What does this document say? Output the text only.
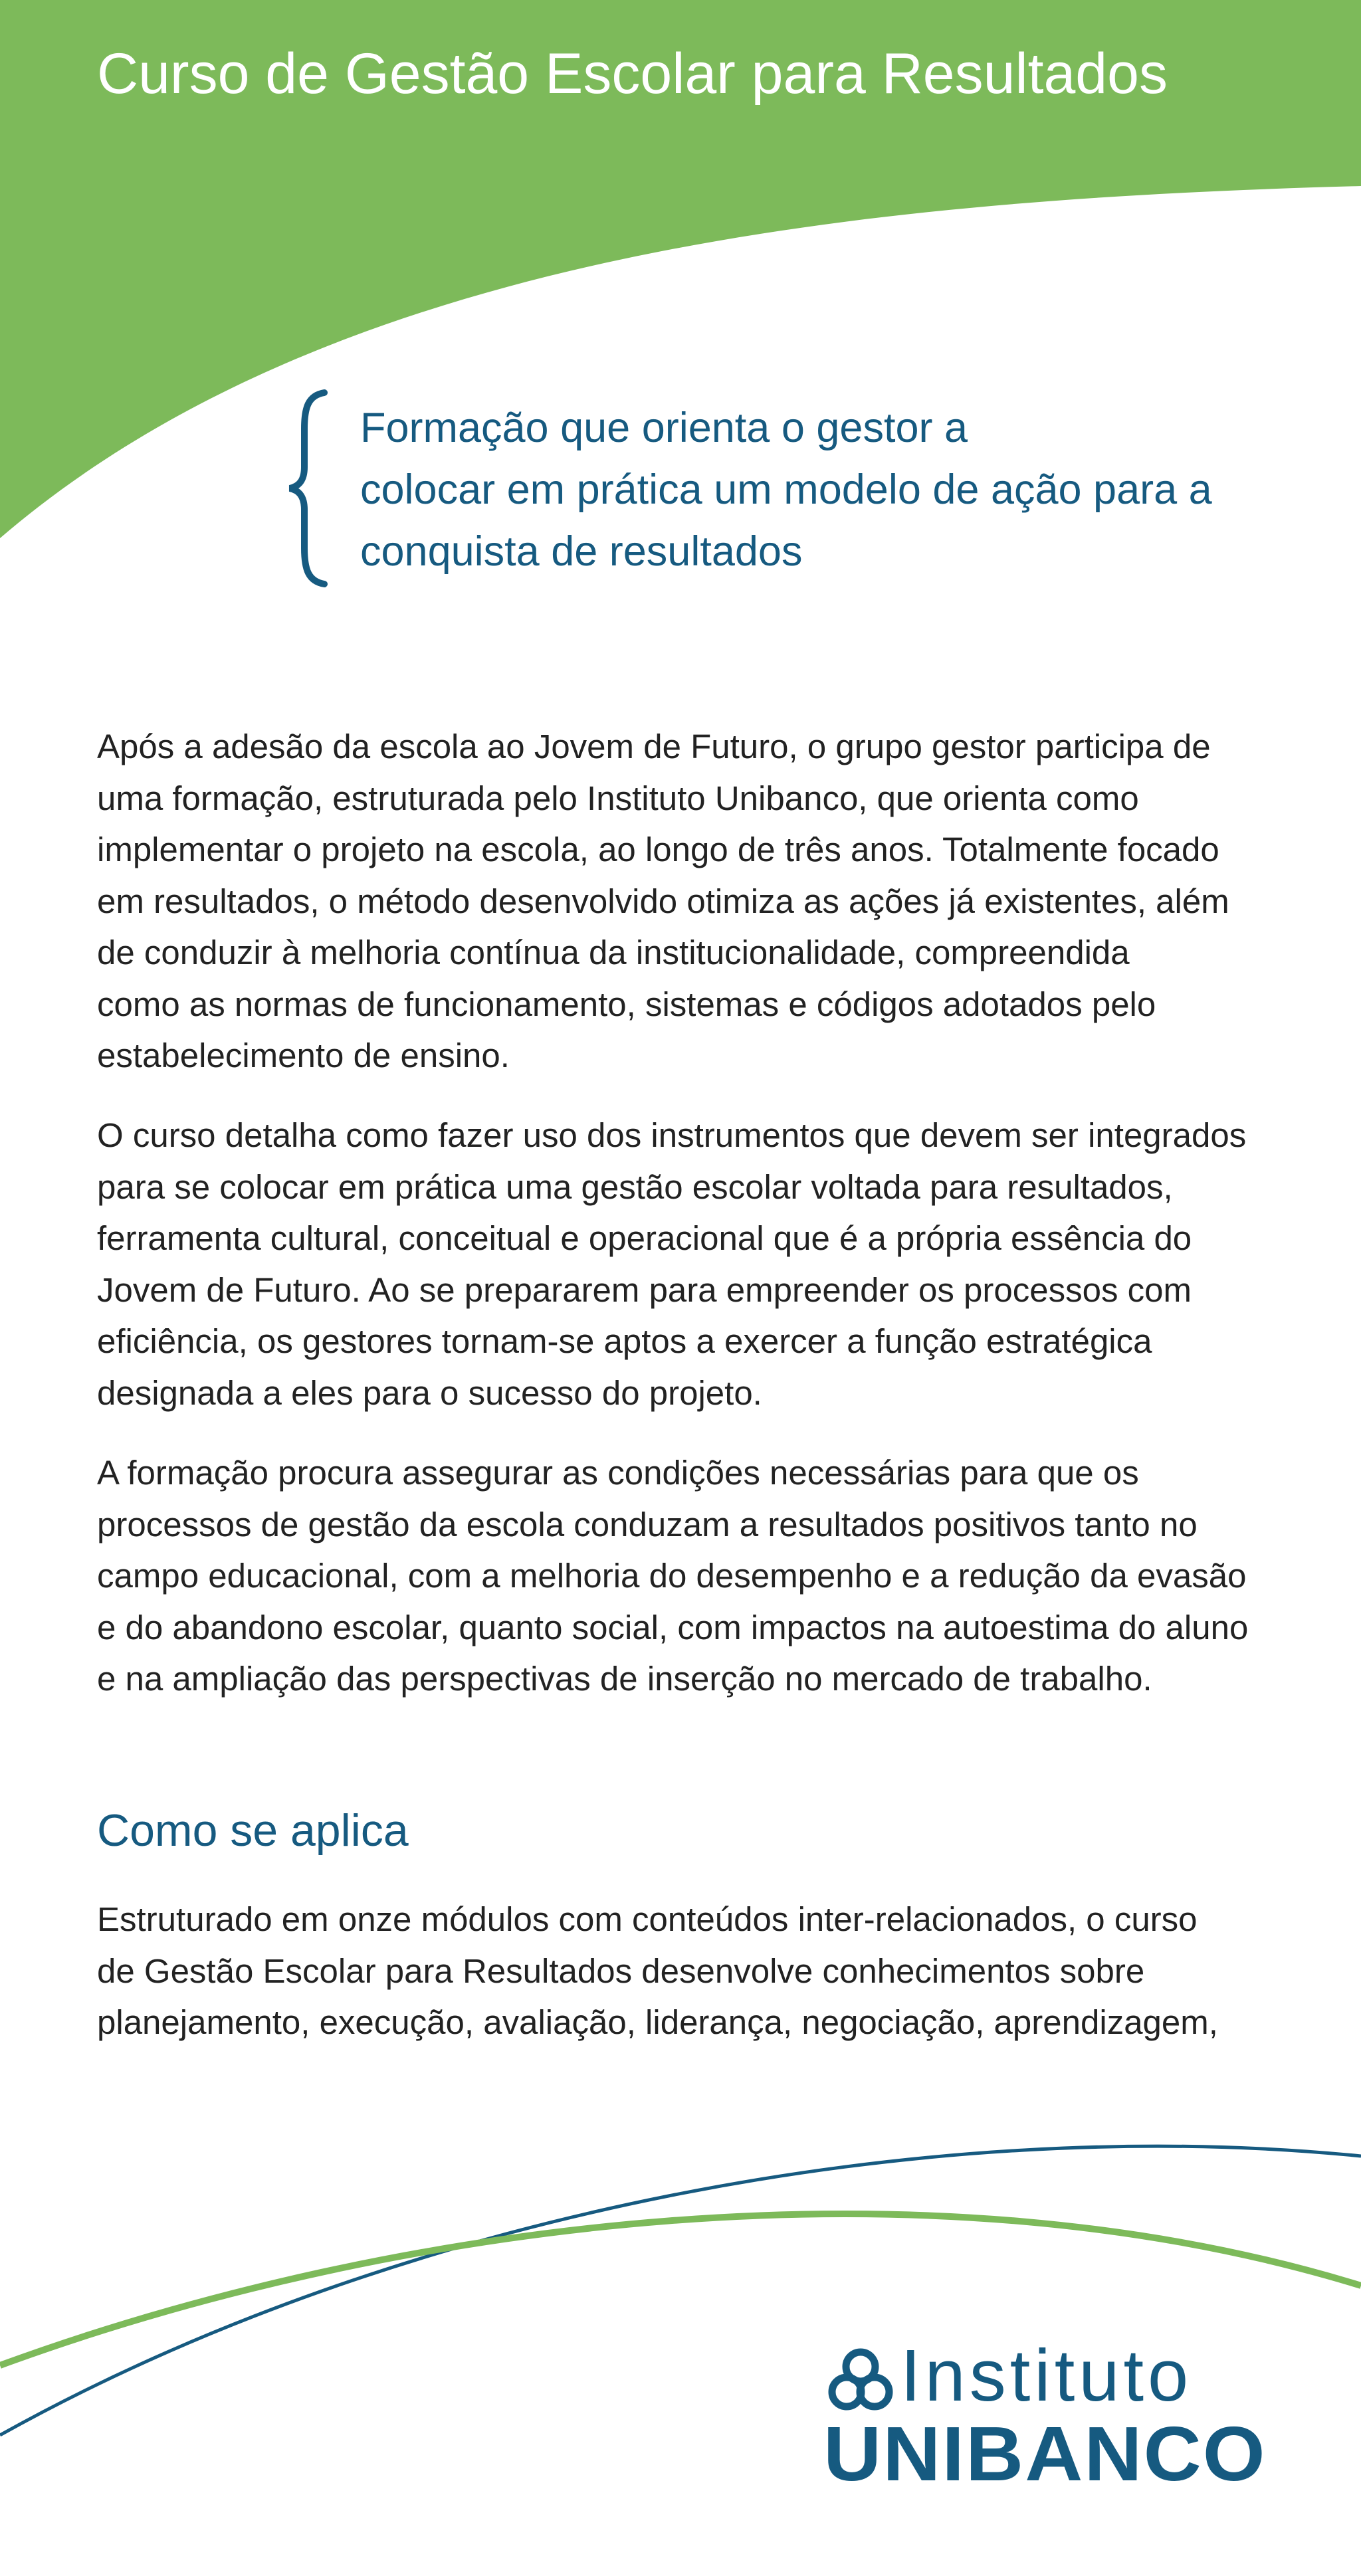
Curso de Gestão Escolar para Resultados
Formação que orienta o gestor a
colocar em prática um modelo de ação para a
conquista de resultados

Após a adesão da escola ao Jovem de Futuro, o grupo gestor participa de
uma formação, estruturada pelo Instituto Unibanco, que orienta como
implementar o projeto na escola, ao longo de três anos. Totalmente focado
em resultados, o método desenvolvido otimiza as ações já existentes, além
de conduzir à melhoria contínua da institucionalidade, compreendida
como as normas de funcionamento, sistemas e códigos adotados pelo
estabelecimento de ensino.

O curso detalha como fazer uso dos instrumentos que devem ser integrados
para se colocar em prática uma gestão escolar voltada para resultados,
ferramenta cultural, conceitual e operacional que é a própria essência do
Jovem de Futuro. Ao se prepararem para empreender os processos com
eficiência, os gestores tornam-se aptos a exercer a função estratégica
designada a eles para o sucesso do projeto.

A formação procura assegurar as condições necessárias para que os
processos de gestão da escola conduzam a resultados positivos tanto no
campo educacional, com a melhoria do desempenho e a redução da evasão
e do abandono escolar, quanto social, com impactos na autoestima do aluno
e na ampliação das perspectivas de inserção no mercado de trabalho.

Como se aplica

Estruturado em onze módulos com conteúdos inter-relacionados, o curso
de Gestão Escolar para Resultados desenvolve conhecimentos sobre
planejamento, execução, avaliação, liderança, negociação, aprendizagem,

Instituto
UNIBANCO
